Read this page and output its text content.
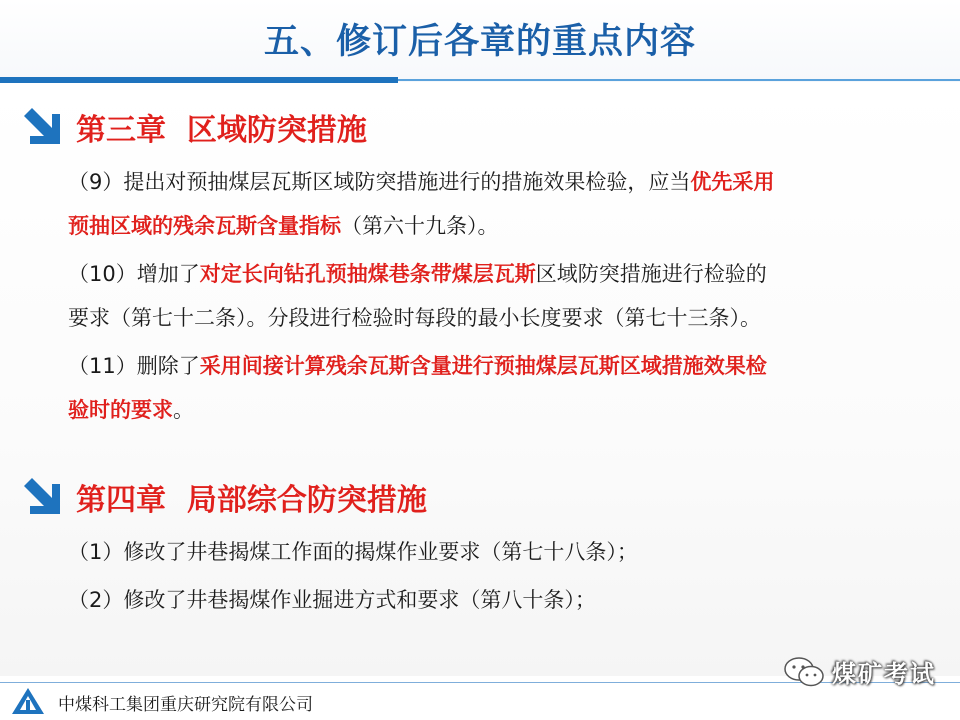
五、修订后各章的重点内容
第三章  区域防突措施
（9）提出对预抽煤层瓦斯区域防突措施进行的措施效果检验，应当优先采用
预抽区域的残余瓦斯含量指标（第六十九条）。
（10）增加了对定长向钻孔预抽煤巷条带煤层瓦斯区域防突措施进行检验的
要求（第七十二条）。分段进行检验时每段的最小长度要求（第七十三条）。
（11）删除了采用间接计算残余瓦斯含量进行预抽煤层瓦斯区域措施效果检
验时的要求。
第四章  局部综合防突措施
（1）修改了井巷揭煤工作面的揭煤作业要求（第七十八条）；
（2）修改了井巷揭煤作业掘进方式和要求（第八十条）；
中煤科工集团重庆研究院有限公司
煤矿考试
